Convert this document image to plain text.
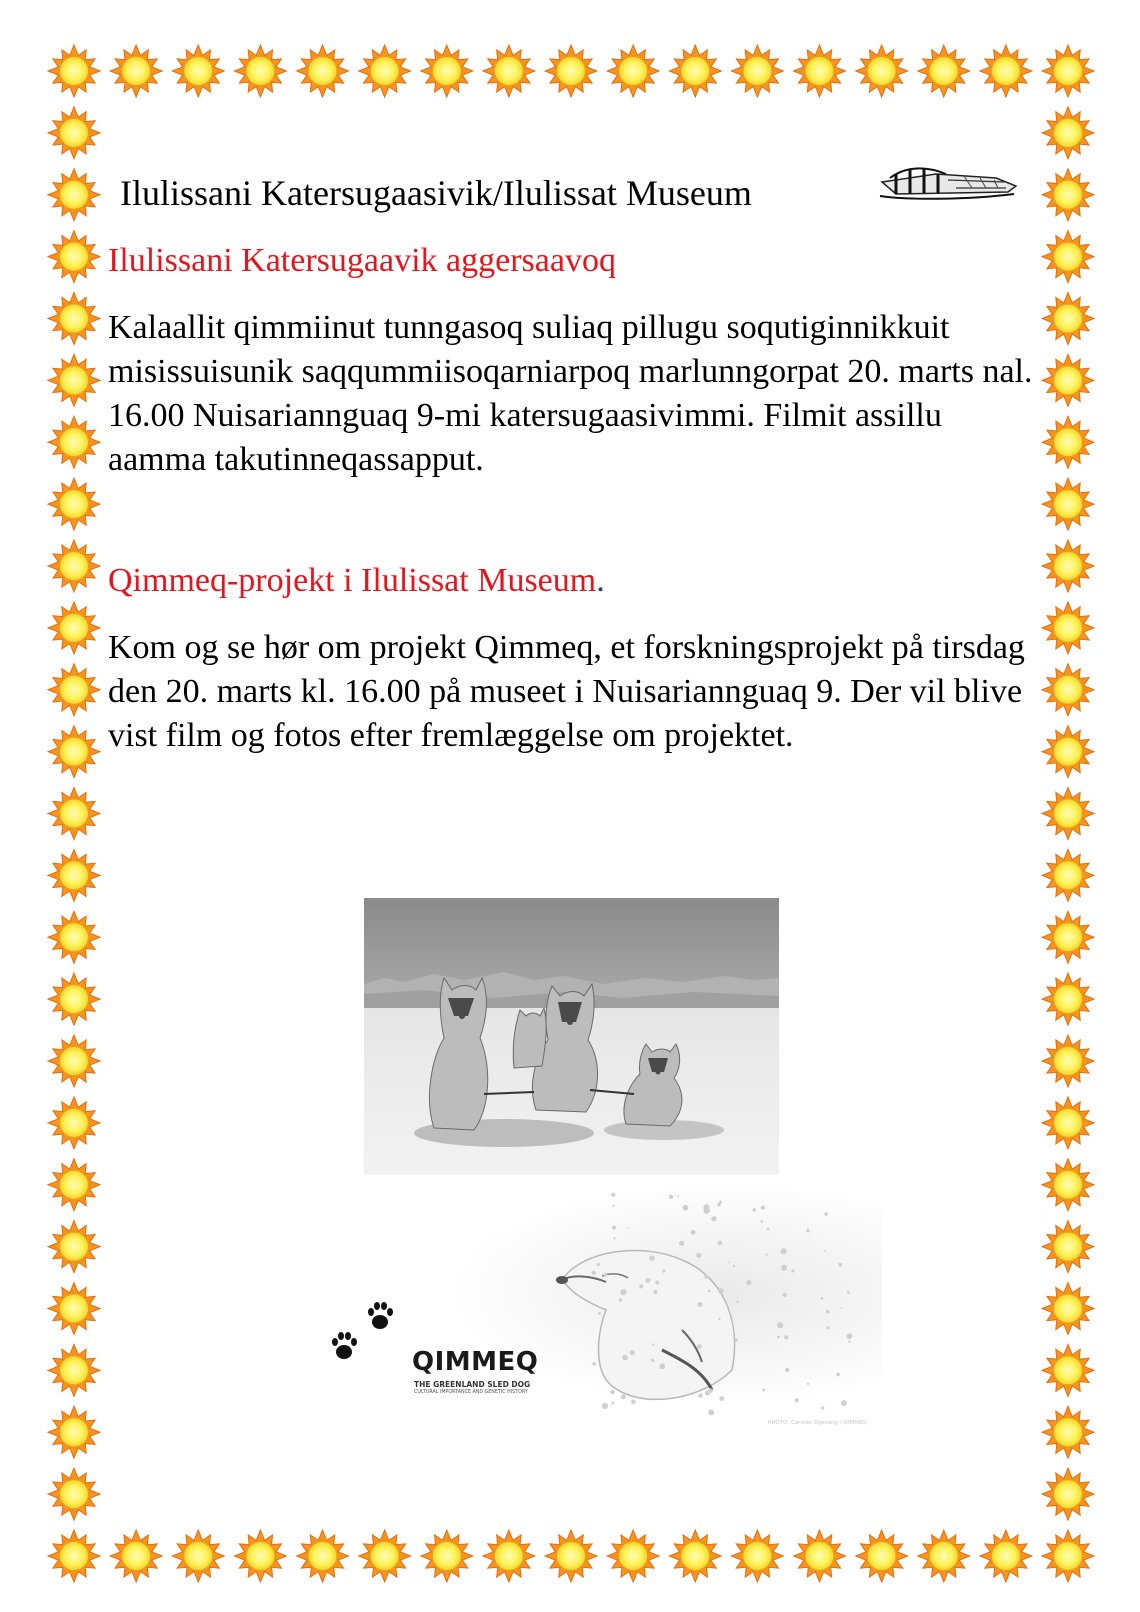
Ilulissani Katersugaasivik/Ilulissat Museum
Ilulissani Katersugaavik aggersaavoq
Kalaallit qimmiinut tunngasoq suliaq pillugu soqutiginnikkuit misissuisunik saqqummiisoqarniarpoq marlunngorpat 20. marts nal. 16.00 Nuisariannguaq 9-mi katersugaasivimmi. Filmit assillu aamma takutinneqassapput.
Qimmeq-projekt i Ilulissat Museum.
Kom og se hør om projekt Qimmeq, et forskningsprojekt på tirsdag den 20. marts kl. 16.00 på museet i Nuisariannguaq 9. Der vil blive vist film og fotos efter fremlæggelse om projektet.
QIMMEQ
THE GREENLAND SLED DOG
CULTURAL IMPORTANCE AND GENETIC HISTORY
PHOTO: Carsten Egevang / QIMMEQ
